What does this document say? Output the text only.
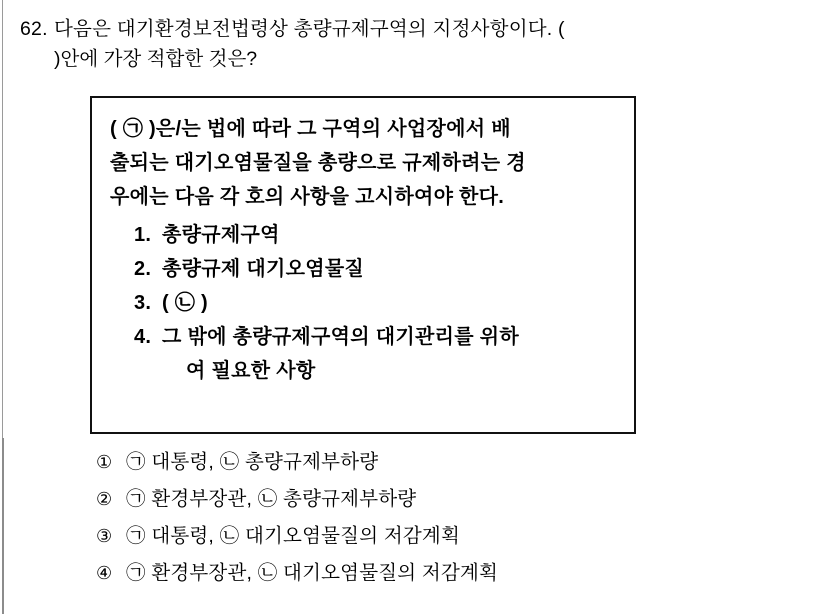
62. 다음은 대기환경보전법령상 총량규제구역의 지정사항이다. (
)안에 가장 적합한 것은?
( ㉠ )은/는 법에 따라 그 구역의 사업장에서 배
출되는 대기오염물질을 총량으로 규제하려는 경
우에는 다음 각 호의 사항을 고시하여야 한다.
1. 총량규제구역
2. 총량규제 대기오염물질
3. ( ㉡ )
4. 그 밖에 총량규제구역의 대기관리를 위하
여 필요한 사항
① ㉠ 대통령, ㉡ 총량규제부하량
② ㉠ 환경부장관, ㉡ 총량규제부하량
③ ㉠ 대통령, ㉡ 대기오염물질의 저감계획
④ ㉠ 환경부장관, ㉡ 대기오염물질의 저감계획
